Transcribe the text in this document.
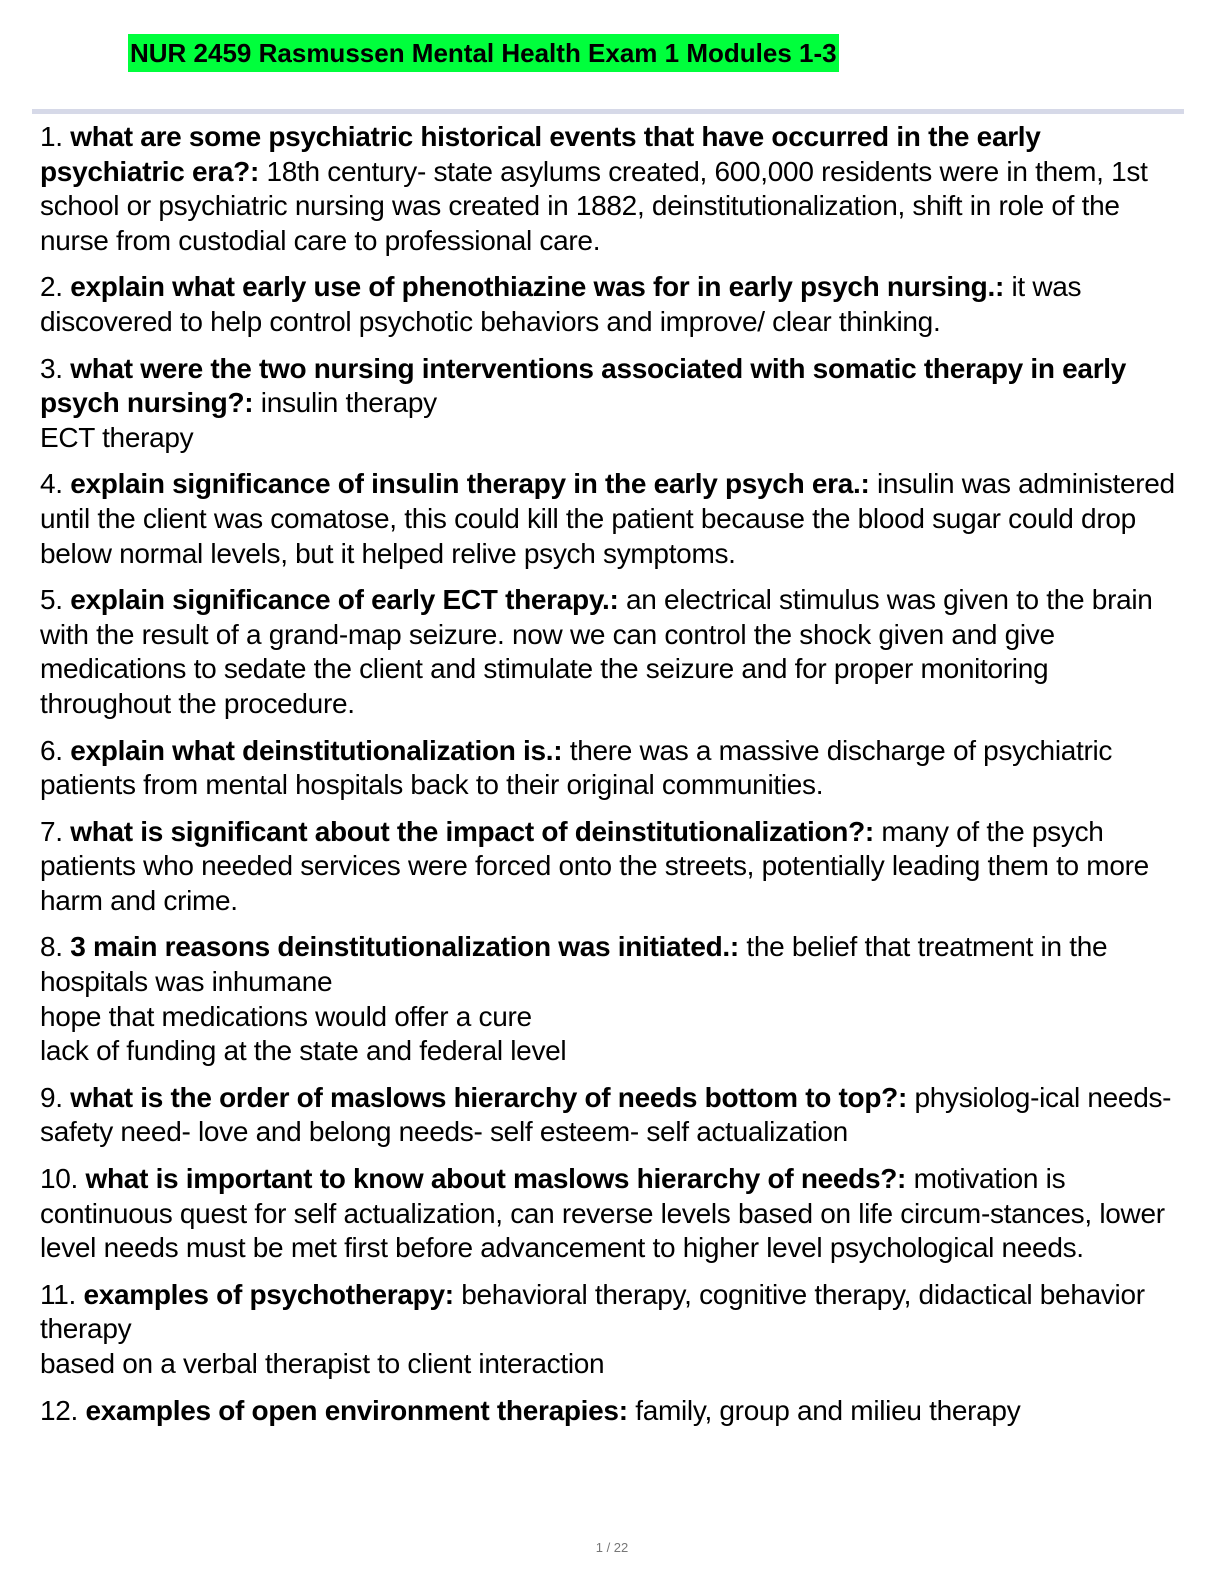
NUR 2459 Rasmussen Mental Health Exam 1 Modules 1-3
1. what are some psychiatric historical events that have occurred in the early psychiatric era?: 18th century- state asylums created, 600,000 residents were in them, 1st school or psychiatric nursing was created in 1882, deinstitutionalization, shift in role of the nurse from custodial care to professional care.
2. explain what early use of phenothiazine was for in early psych nursing.: it was discovered to help control psychotic behaviors and improve/ clear thinking.
3. what were the two nursing interventions associated with somatic therapy in early psych nursing?: insulin therapy
ECT therapy
4. explain significance of insulin therapy in the early psych era.: insulin was administered until the client was comatose, this could kill the patient because the blood sugar could drop below normal levels, but it helped relive psych symptoms.
5. explain significance of early ECT therapy.: an electrical stimulus was given to the brain with the result of a grand-map seizure. now we can control the shock given and give medications to sedate the client and stimulate the seizure and for proper monitoring throughout the procedure.
6. explain what deinstitutionalization is.: there was a massive discharge of psychiatric patients from mental hospitals back to their original communities.
7. what is significant about the impact of deinstitutionalization?: many of the psych patients who needed services were forced onto the streets, potentially leading them to more harm and crime.
8. 3 main reasons deinstitutionalization was initiated.: the belief that treatment in the hospitals was inhumane
hope that medications would offer a cure
lack of funding at the state and federal level
9. what is the order of maslows hierarchy of needs bottom to top?: physiolog-ical needs-safety need- love and belong needs- self esteem- self actualization
10. what is important to know about maslows hierarchy of needs?: motivation is continuous quest for self actualization, can reverse levels based on life circum-stances, lower level needs must be met first before advancement to higher level psychological needs.
11. examples of psychotherapy: behavioral therapy, cognitive therapy, didactical behavior therapy
based on a verbal therapist to client interaction
12. examples of open environment therapies: family, group and milieu therapy
1 / 22
